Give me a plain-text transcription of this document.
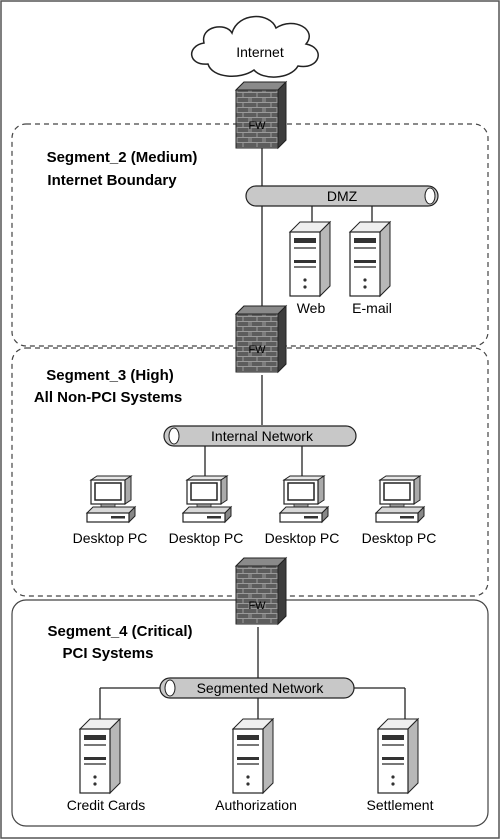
Internet
FW
FW
FW
DMZ
Internal Network
Segmented Network
Segment_2 (Medium)
Internet Boundary
Segment_3 (High)
All Non-PCI Systems
Segment_4 (Critical)
PCI Systems
Web E-mail
Desktop PC Desktop PC Desktop PC Desktop PC
Credit Cards	Authorization	Settlement
